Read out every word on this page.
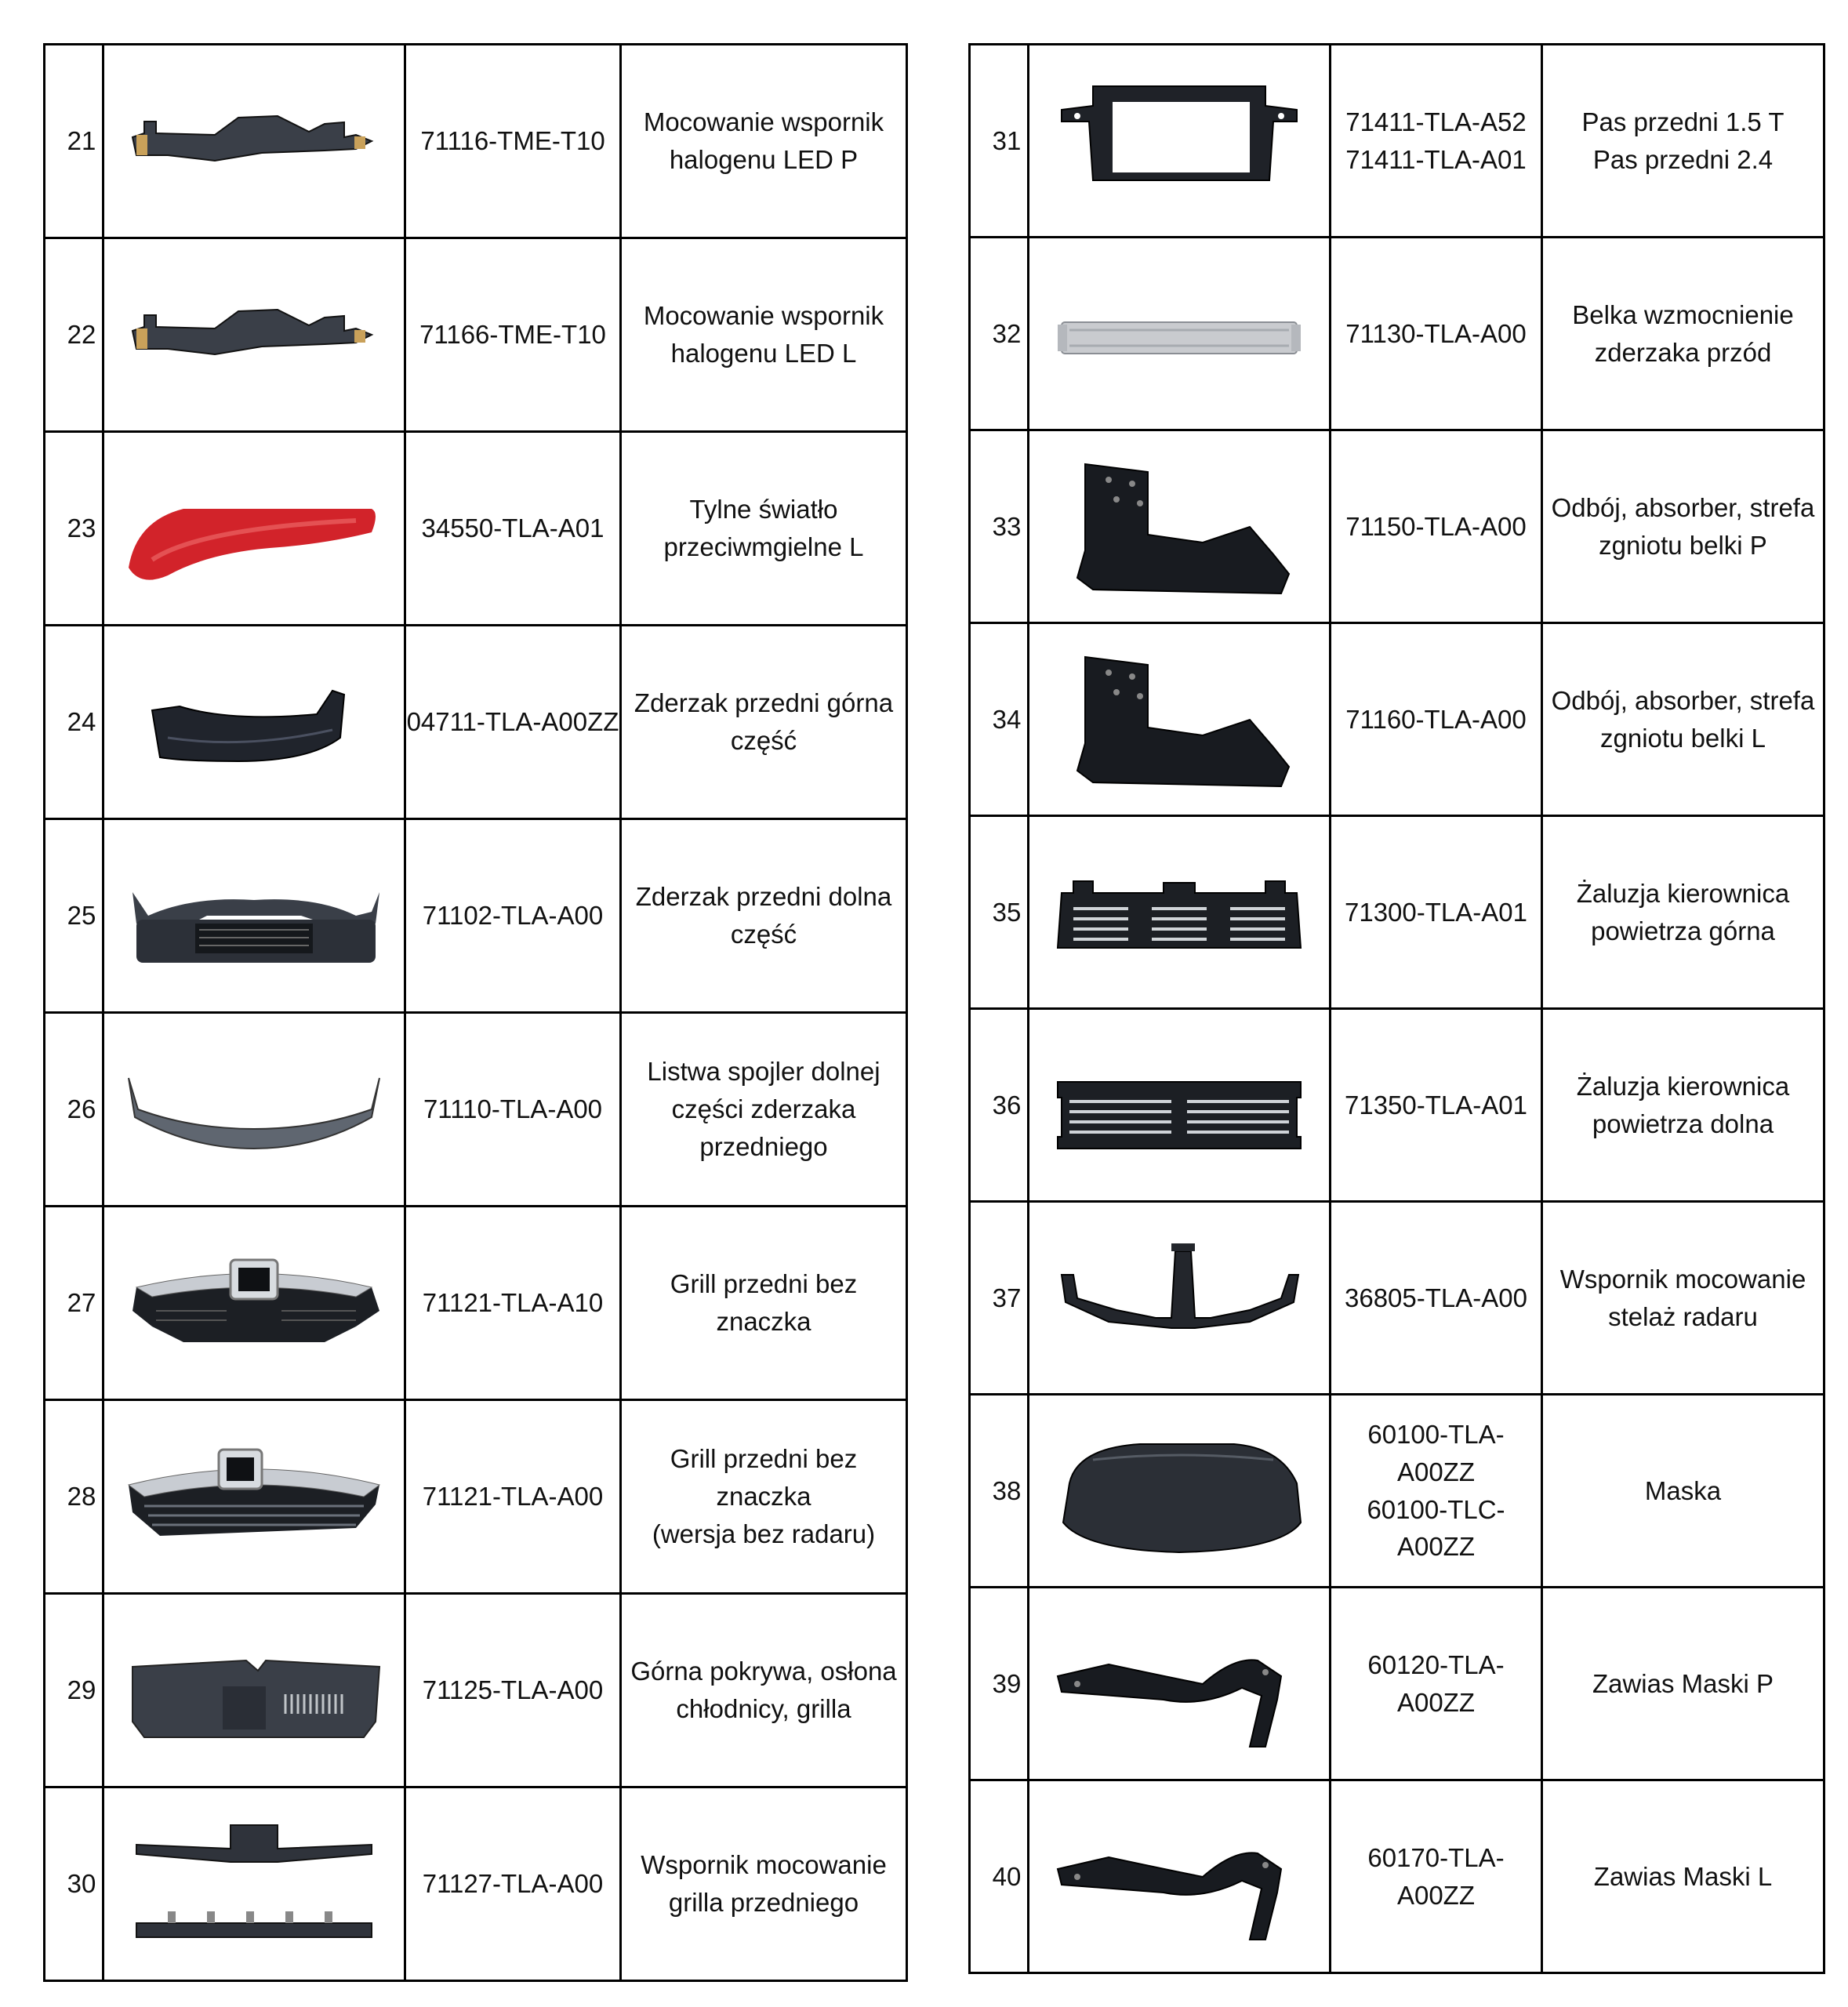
21		71116-TME-T10	Mocowanie wspornik
halogenu LED P

22		71166-TME-T10	Mocowanie wspornik
halogenu LED L

23		34550-TLA-A01	Tylne światło
przeciwmgielne L

24		04711-TLA-A00ZZ	Zderzak przedni górna
część

25		71102-TLA-A00	Zderzak przedni dolna
część

26		71110-TLA-A00	Listwa spojler dolnej
części zderzaka
przedniego

27		71121-TLA-A10	Grill przedni bez znaczka

28		71121-TLA-A00	Grill przedni bez znaczka
(wersja bez radaru)

29		71125-TLA-A00	Górna pokrywa, osłona
chłodnicy, grilla

30		71127-TLA-A00	Wspornik mocowanie
grilla przedniego
31		71411-TLA-A52
71411-TLA-A01	Pas przedni 1.5 T
Pas przedni 2.4

32		71130-TLA-A00	Belka wzmocnienie
zderzaka przód

33		71150-TLA-A00	Odbój, absorber, strefa
zgniotu belki P

34		71160-TLA-A00	Odbój, absorber, strefa
zgniotu belki L

35		71300-TLA-A01	Żaluzja kierownica
powietrza górna

36		71350-TLA-A01	Żaluzja kierownica
powietrza dolna

37		36805-TLA-A00	Wspornik mocowanie
stelaż radaru

38		60100-TLA-A00ZZ
60100-TLC-A00ZZ	Maska

39		60120-TLA-A00ZZ	Zawias Maski P

40		60170-TLA-A00ZZ	Zawias Maski L
